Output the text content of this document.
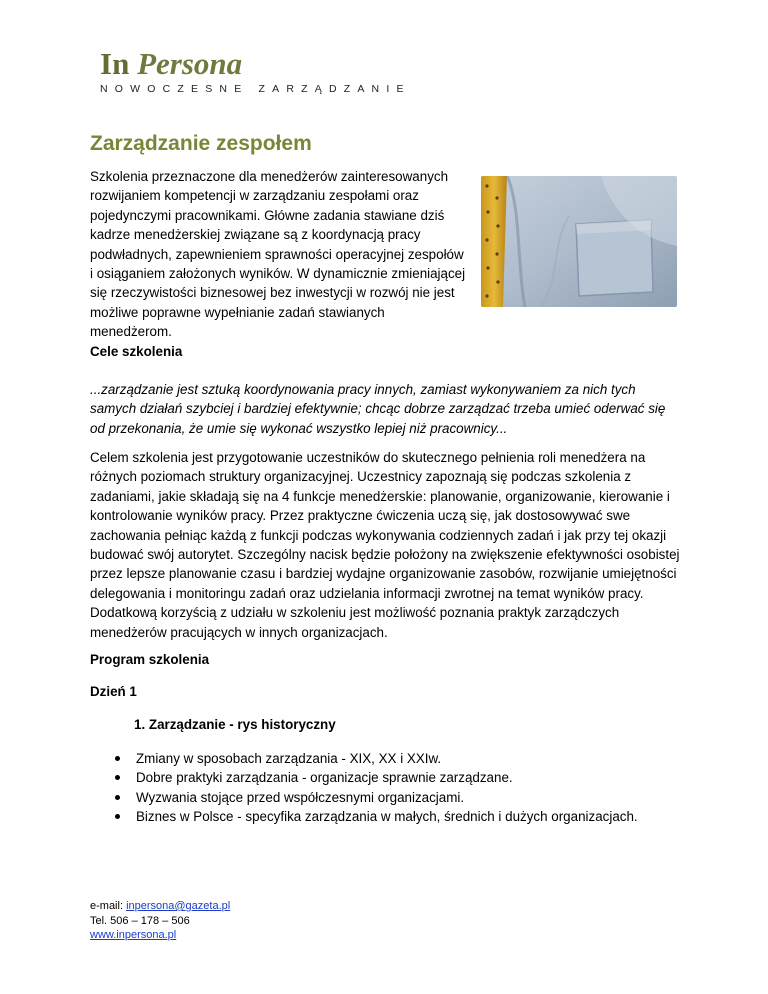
In Persona
NOWOCZESNE ZARZĄDZANIE
Zarządzanie zespołem

Szkolenia przeznaczone dla menedżerów zainteresowanych rozwijaniem kompetencji w zarządzaniu zespołami oraz pojedynczymi pracownikami. Główne zadania stawiane dziś kadrze menedżerskiej związane są z koordynacją pracy podwładnych, zapewnieniem sprawności operacyjnej zespołów i osiąganiem założonych wyników. W dynamicznie zmieniającej się rzeczywistości biznesowej bez inwestycji w rozwój nie jest możliwe poprawne wypełnianie zadań stawianych menedżerom.

Cele szkolenia

...zarządzanie jest sztuką koordynowania pracy innych, zamiast wykonywaniem za nich tych samych działań szybciej i bardziej efektywnie; chcąc dobrze zarządzać trzeba umieć oderwać się od przekonania, że umie się wykonać wszystko lepiej niż pracownicy...

Celem szkolenia jest przygotowanie uczestników do skutecznego pełnienia roli menedżera na różnych poziomach struktury organizacyjnej. Uczestnicy zapoznają się podczas szkolenia z zadaniami, jakie składają się na 4 funkcje menedżerskie: planowanie, organizowanie, kierowanie i kontrolowanie wyników pracy. Przez praktyczne ćwiczenia uczą się, jak dostosowywać swe zachowania pełniąc każdą z funkcji podczas wykonywania codziennych zadań i jak przy tej okazji budować swój autorytet. Szczególny nacisk będzie położony na zwiększenie efektywności osobistej przez lepsze planowanie czasu i bardziej wydajne organizowanie zasobów, rozwijanie umiejętności delegowania i monitoringu zadań oraz udzielania informacji zwrotnej na temat wyników pracy. Dodatkową korzyścią z udziału w szkoleniu jest możliwość poznania praktyk zarządczych menedżerów pracujących w innych organizacjach.

Program szkolenia
Dzień 1
1. Zarządzanie - rys historyczny
Zmiany w sposobach zarządzania - XIX, XX i XXIw.
Dobre praktyki zarządzania - organizacje sprawnie zarządzane.
Wyzwania stojące przed współczesnymi organizacjami.
Biznes w Polsce - specyfika zarządzania w małych, średnich i dużych organizacjach.
e-mail: inpersona@gazeta.pl
Tel. 506 – 178 – 506
www.inpersona.pl
